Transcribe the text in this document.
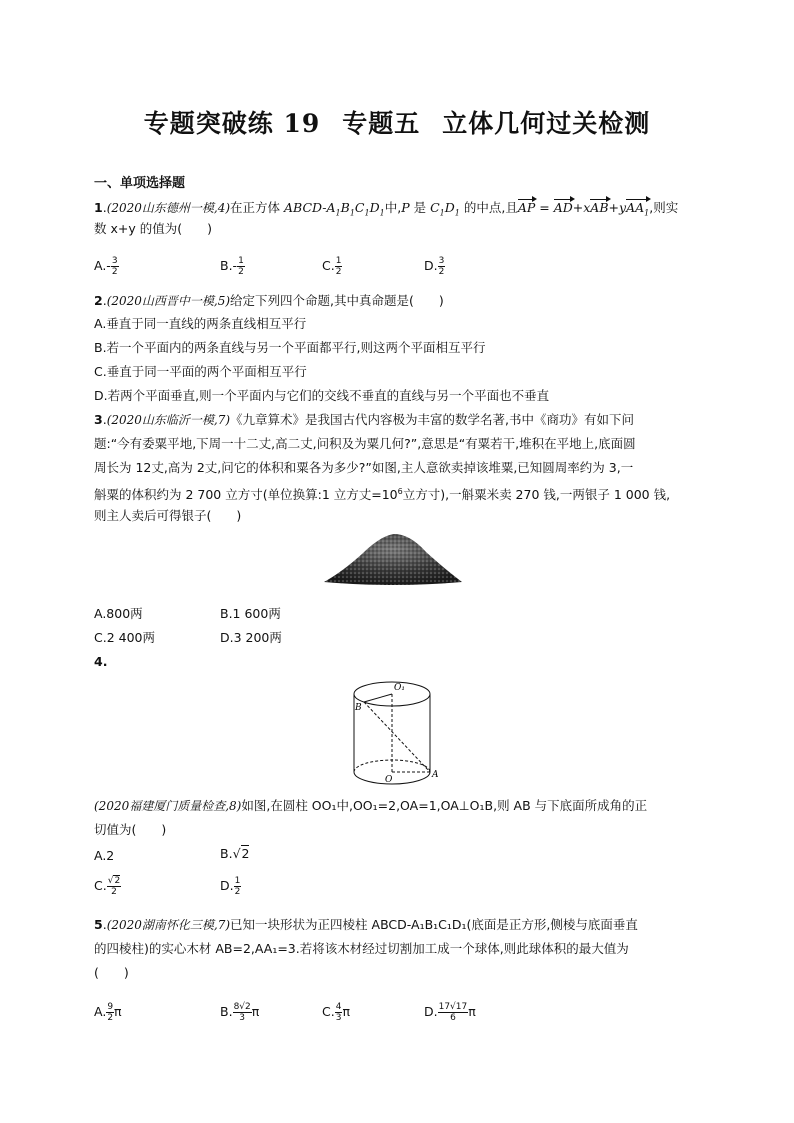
专题突破练 19 专题五 立体几何过关检测
一、单项选择题
1.(2020山东德州一模,4)在正方体 ABCD-$A_1B_1C_1D_1$中,P 是 $C_1D_1$ 的中点,且AP = AD+xAB+yAA$_1$,则实
数 x+y 的值为(　　)
$A.- \frac{3}{2}$	$B.- \frac{1}{2}$	C. $\frac{1}{2}$	D. $\frac{3}{2}$
2.(2020山西晋中一模,5)给定下列四个命题,其中真命题是(　　)
A.垂直于同一直线的两条直线相互平行
B.若一个平面内的两条直线与另一个平面都平行,则这两个平面相互平行
C.垂直于同一平面的两个平面相互平行
D.若两个平面垂直,则一个平面内与它们的交线不垂直的直线与另一个平面也不垂直
3.(2020山东临沂一模,7)《九章算术》是我国古代内容极为丰富的数学名著,书中《商功》有如下问
题:“今有委粟平地,下周一十二丈,高二丈,问积及为粟几何?”,意思是“有粟若干,堆积在平地上,底面圆
周长为 12丈,高为 2丈,问它的体积和粟各为多少?”如图,主人意欲卖掉该堆粟,已知圆周率约为 3,一
斛粟的体积约为 2 700 立方寸(单位换算:1 立方丈$=10^6$立方寸),一斛粟米卖 270 钱,一两银子 1 000 钱,
则主人卖后可得银子(　　)
A.800两	B.1 600两
C.2 400两	D.3 200两
4.
O₁
B
O	A
(2020福建厦门质量检查,8)如图,在圆柱 OO₁中,OO₁=2,OA=1,OA⊥O₁B,则 AB 与下底面所成角的正
切值为(　　)
A.2	B.√2
C. $\frac{√2}{2}$	D. $\frac{1}{2}$
5.(2020湖南怀化三模,7)已知一块形状为正四棱柱 ABCD-A₁B₁C₁D₁(底面是正方形,侧棱与底面垂直
的四棱柱)的实心木材 AB=2,AA₁=3.若将该木材经过切割加工成一个球体,则此球体积的最大值为
(　　)
A. $\frac{9}{2}$ π	B. $\frac{8√2}{3}$ π	C. $\frac{4}{3}$ π	D. $\frac{17√17}{6}$ π
